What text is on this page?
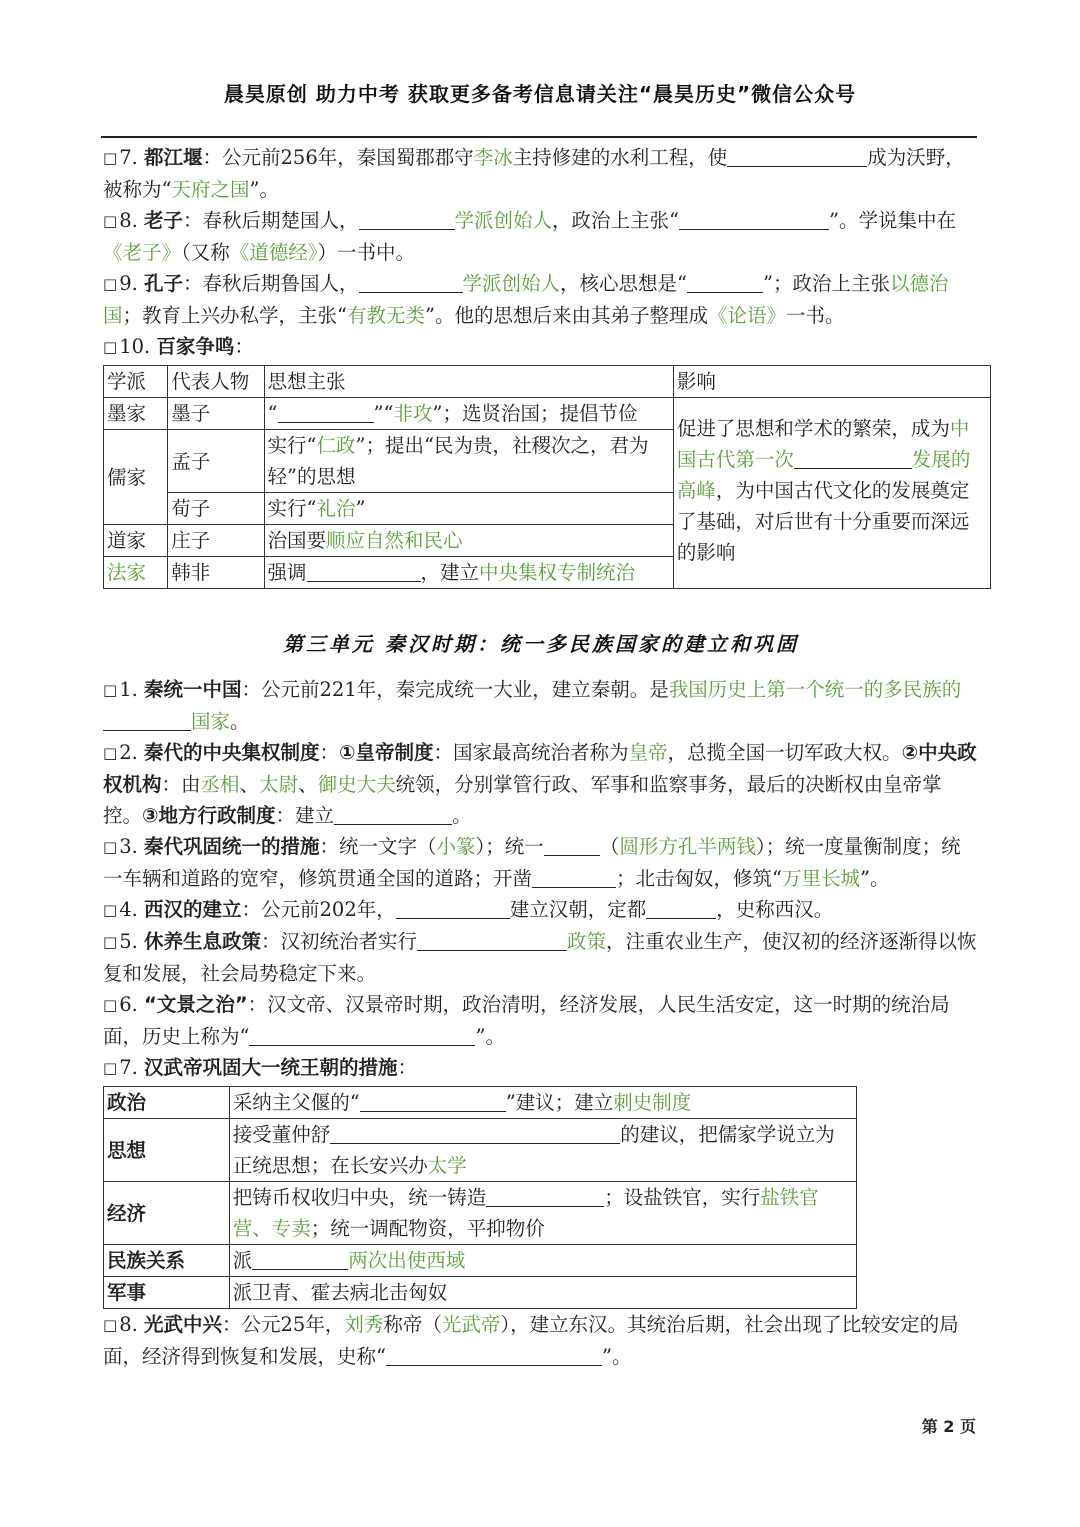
晨昊原创 助力中考 获取更多备考信息请关注“晨昊历史”微信公众号

□ 7. 都江堰：公元前256年，秦国蜀郡郡守李冰主持修建的水利工程，使	成为沃野，被称为“天府之国”。

□ 8. 老子：春秋后期楚国人，	学派创始人，政治上主张“	”。学说集中在《老子》（又称《道德经》）一书中。

□ 9. 孔子：春秋后期鲁国人，	学派创始人，核心思想是“	”；政治上主张以德治国；教育上兴办私学，主张“有教无类”。他的思想后来由其弟子整理成《论语》一书。

□ 10. 百家争鸣：

学派	代表人物	思想主张	影响
墨家	墨子	“ ”“非攻”；选贤治国；提倡节俭	促进了思想和学术的繁荣，成为中国古代第一次 发展的高峰，为中国古代文化的发展奠定了基础，对后世有十分重要而深远的影响
儒家	孟子	实行“仁政”；提出“民为贵，社稷次之，君为轻”的思想	
	荀子	实行“礼治”	
道家	庄子	治国要顺应自然和民心	
法家	韩非	强调 ，建立中央集权专制统治	
第三单元 秦汉时期：统一多民族国家的建立和巩固

□ 1. 秦统一中国：公元前221年，秦完成统一大业，建立秦朝。是我国历史上第一个统一的多民族的国家。

□ 2. 秦代的中央集权制度：①皇帝制度：国家最高统治者称为皇帝，总揽全国一切军政大权。②中央政权机构：由丞相、太尉、御史大夫统领，分别掌管行政、军事和监察事务，最后的决断权由皇帝掌控。③地方行政制度：建立	。

□ 3. 秦代巩固统一的措施：统一文字（小篆）；统一	（圆形方孔半两钱）；统一度量衡制度；统一车辆和道路的宽窄，修筑贯通全国的道路；开凿	；北击匈奴，修筑“万里长城”。

□ 4. 西汉的建立：公元前202年，	建立汉朝，定都	，史称西汉。

□ 5. 休养生息政策：汉初统治者实行	政策，注重农业生产，使汉初的经济逐渐得以恢复和发展，社会局势稳定下来。

□ 6. “文景之治”：汉文帝、汉景帝时期，政治清明，经济发展，人民生活安定，这一时期的统治局面，历史上称为“	”。

□ 7. 汉武帝巩固大一统王朝的措施：

政治	采纳主父偃的“ ”建议；建立刺史制度
思想	接受董仲舒 的建议，把儒家学说立为正统思想；在长安兴办太学
经济	把铸币权收归中央，统一铸造 ；设盐铁官，实行盐铁官营、专卖；统一调配物资，平抑物价
民族关系	派 两次出使西域
军事	派卫青、霍去病北击匈奴

□ 8. 光武中兴：公元25年，刘秀称帝（光武帝），建立东汉。其统治后期，社会出现了比较安定的局面，经济得到恢复和发展，史称“	”。

第 2 页
